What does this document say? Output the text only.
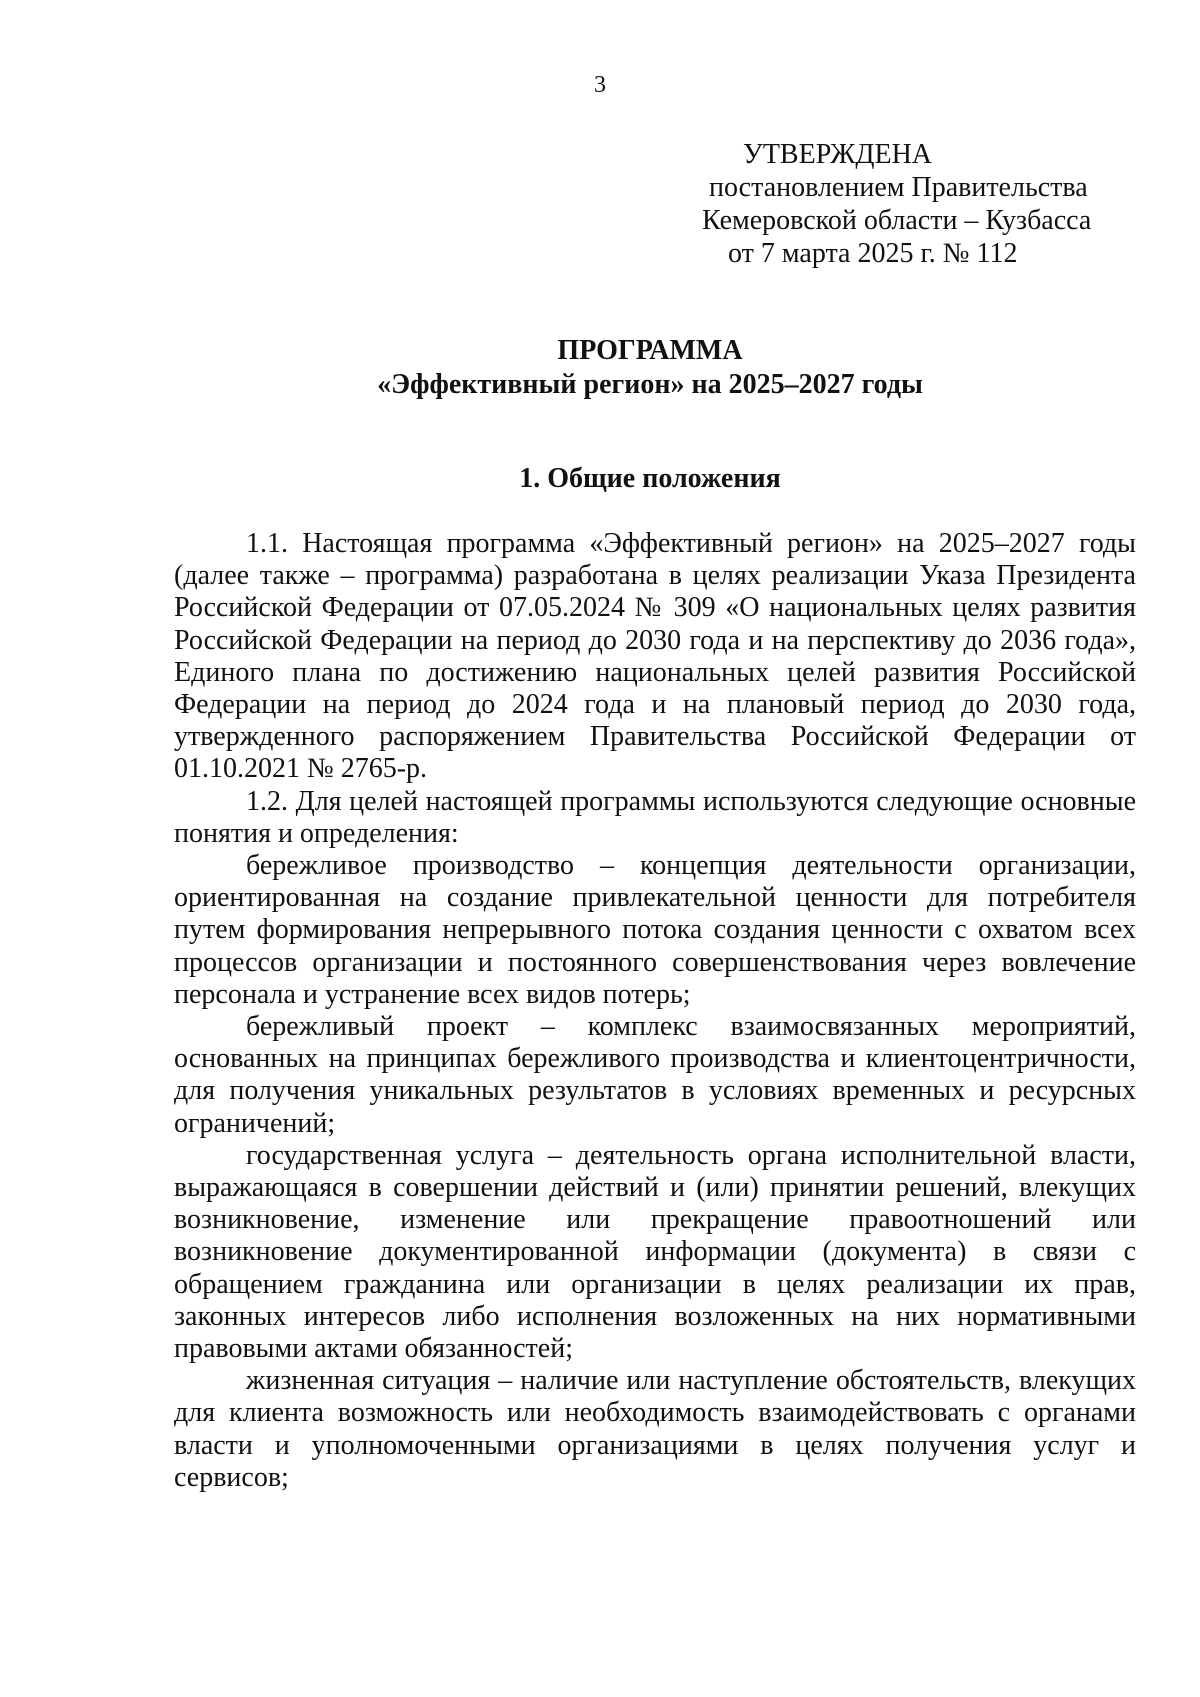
3
УТВЕРЖДЕНА
постановлением Правительства
Кемеровской области – Кузбасса
от 7 марта 2025 г. № 112
ПРОГРАММА
«Эффективный регион» на 2025–2027 годы
1. Общие положения

1.1. Настоящая программа «Эффективный регион» на 2025–2027 годы (далее также – программа) разработана в целях реализации Указа Президента Российской Федерации от 07.05.2024 № 309 «О национальных целях развития Российской Федерации на период до 2030 года и на перспективу до 2036 года», Единого плана по достижению национальных целей развития Российской Федерации на период до 2024 года и на плановый период до 2030 года, утвержденного распоряжением Правительства Российской Федерации от 01.10.2021 № 2765-р.

1.2. Для целей настоящей программы используются следующие основные понятия и определения:

бережливое производство – концепция деятельности организации, ориентированная на создание привлекательной ценности для потребителя путем формирования непрерывного потока создания ценности с охватом всех процессов организации и постоянного совершенствования через вовлечение персонала и устранение всех видов потерь;

бережливый проект – комплекс взаимосвязанных мероприятий, основанных на принципах бережливого производства и клиентоцентричности, для получения уникальных результатов в условиях временных и ресурсных ограничений;

государственная услуга – деятельность органа исполнительной власти, выражающаяся в совершении действий и (или) принятии решений, влекущих возникновение, изменение или прекращение правоотношений или возникновение документированной информации (документа) в связи с обращением гражданина или организации в целях реализации их прав, законных интересов либо исполнения возложенных на них нормативными правовыми актами обязанностей;

жизненная ситуация – наличие или наступление обстоятельств, влекущих для клиента возможность или необходимость взаимодействовать с органами власти и уполномоченными организациями в целях получения услуг и сервисов;
